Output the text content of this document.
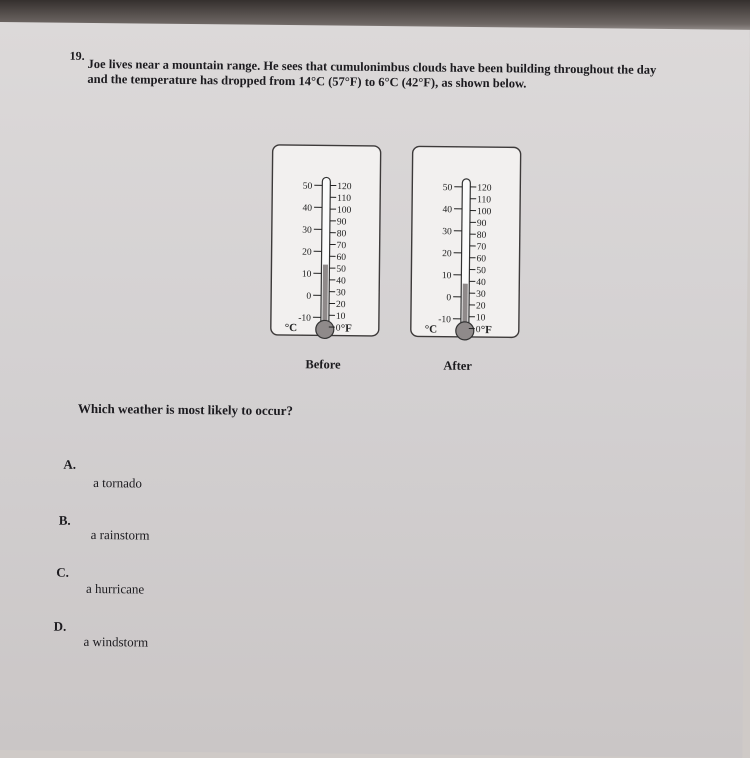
19.
Joe lives near a mountain range. He sees that cumulonimbus clouds have been building throughout the day
and the temperature has dropped from 14°C (57°F) to 6°C (42°F), as shown below.
50
40
30
20
10
0
-10
120
110
100
90
80
70
60
50
40
30
20
10
0
°C	°F
Before
50
40
30
20
10
0
-10
120
110
100
90
80
70
60
50
40
30
20
10
0
°C	°F
After
​
Which weather is most likely to occur?
A.
a tornado
B.
a rainstorm
C.
a hurricane
D.
a windstorm
